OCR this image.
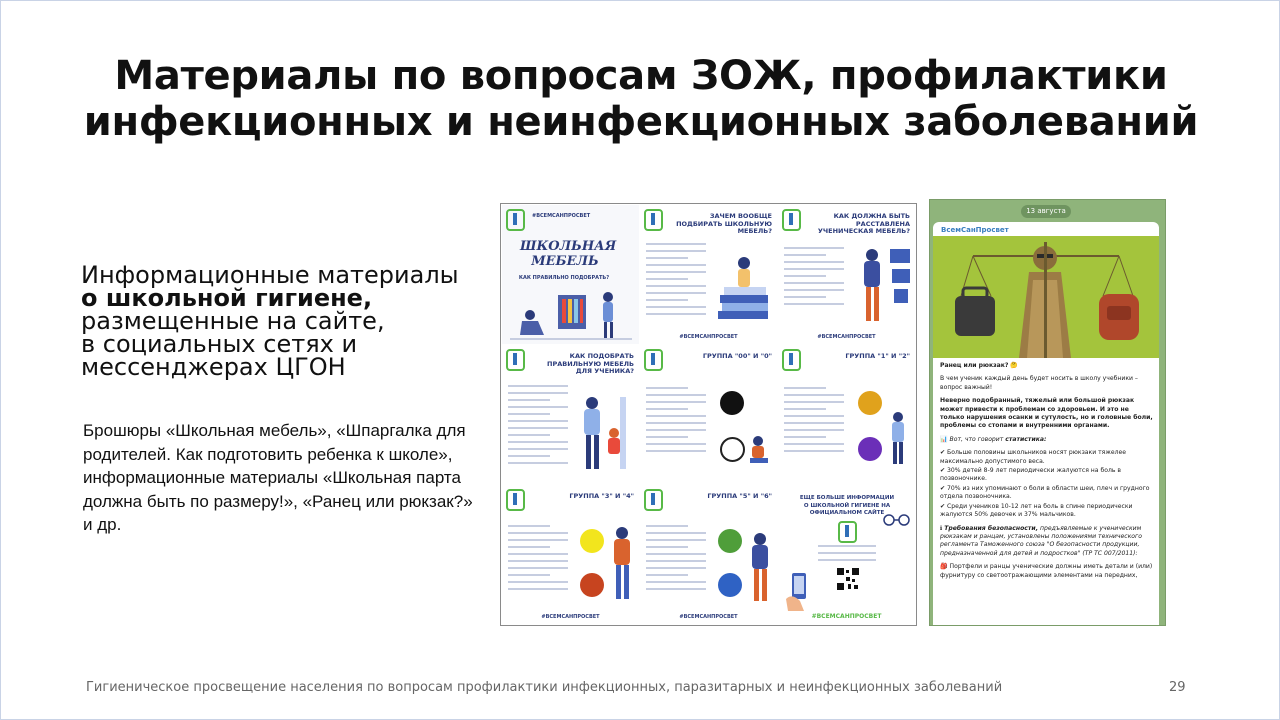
Материалы по вопросам ЗОЖ, профилактики
инфекционных и неинфекционных заболеваний
Информационные материалы
о школьной гигиене,
размещенные на сайте,
в социальных сетях и
мессенджерах ЦГОН
Брошюры «Школьная мебель», «Шпаргалка для родителей. Как подготовить ребенка к школе», информационные материалы «Школьная парта должна быть по размеру!», «Ранец или рюкзак?» и др.
#ВСЕМСАНПРОСВЕТ
ШКОЛЬНАЯ МЕБЕЛЬ
КАК ПРАВИЛЬНО ПОДОБРАТЬ?
ЗАЧЕМ ВООБЩЕ ПОДБИРАТЬ ШКОЛЬНУЮ МЕБЕЛЬ?
#ВСЕМСАНПРОСВЕТ
КАК ДОЛЖНА БЫТЬ РАССТАВЛЕНА УЧЕНИЧЕСКАЯ МЕБЕЛЬ?
#ВСЕМСАНПРОСВЕТ
КАК ПОДОБРАТЬ ПРАВИЛЬНУЮ МЕБЕЛЬ ДЛЯ УЧЕНИКА?
ГРУППА "00" И "0"	ГРУППА "1" И "2"
ГРУППА "3" И "4"
#ВСЕМСАНПРОСВЕТ
ГРУППА "5" И "6"
#ВСЕМСАНПРОСВЕТ
ЕЩЕ БОЛЬШЕ ИНФОРМАЦИИ О ШКОЛЬНОЙ ГИГИЕНЕ НА ОФИЦИАЛЬНОМ САЙТЕ
#ВСЕМСАНПРОСВЕТ
13 августа
ВсемСанПросвет

Ранец или рюкзак? 🤔

В чем ученик каждый день будет носить в школу учебники – вопрос важный!

Неверно подобранный, тяжелый или большой рюкзак может привести к проблемам со здоровьем. И это не только нарушения осанки и сутулость, но и головные боли, проблемы со стопами и внутренними органами.

📊 Вот, что говорит статистика:

✔ Больше половины школьников носят рюкзаки тяжелее максимально допустимого веса.

✔ 30% детей 8-9 лет периодически жалуются на боль в позвоночнике.

✔ 70% из них упоминают о боли в области шеи, плеч и грудного отдела позвоночника.

✔ Среди учеников 10-12 лет на боль в спине периодически жалуются 50% девочек и 37% мальчиков.

ℹ Требования безопасности, предъявляемые к ученическим рюкзакам и ранцам, установлены положениями технического регламента Таможенного союза "О безопасности продукции, предназначенной для детей и подростков" (ТР ТС 007/2011):

🎒 Портфели и ранцы ученические должны иметь детали и (или) фурнитуру со светоотражающими элементами на передних,

Гигиеническое просвещение населения по вопросам профилактики инфекционных, паразитарных и неинфекционных заболеваний	29
